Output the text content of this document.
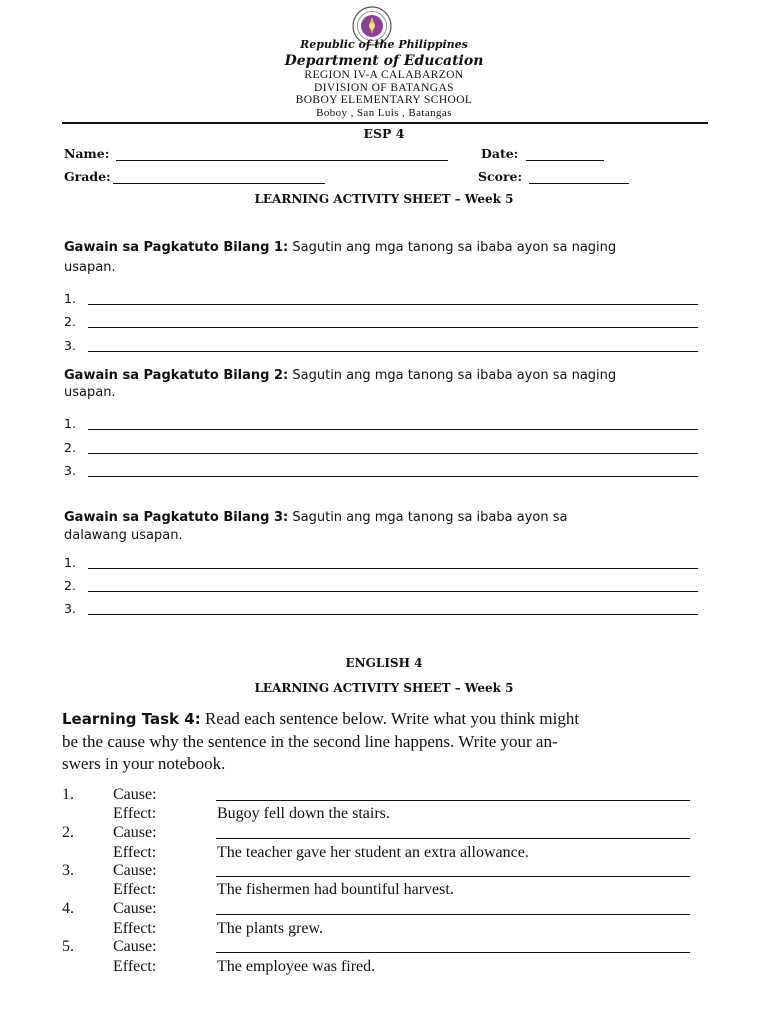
Republic of the Philippines
Department of Education
REGION IV-A CALABARZON
DIVISION OF BATANGAS
BOBOY ELEMENTARY SCHOOL
Boboy , San Luis , Batangas
ESP 4
Name:	Date:
Grade:	Score:
LEARNING ACTIVITY SHEET – Week 5
Gawain sa Pagkatuto Bilang 1: Sagutin ang mga tanong sa ibaba ayon sa naging
usapan.
1.
2.
3.
Gawain sa Pagkatuto Bilang 2: Sagutin ang mga tanong sa ibaba ayon sa naging
usapan.
1.
2.
3.
Gawain sa Pagkatuto Bilang 3: Sagutin ang mga tanong sa ibaba ayon sa
dalawang usapan.
1.
2.
3.
ENGLISH 4
LEARNING ACTIVITY SHEET – Week 5
Learning Task 4: Read each sentence below. Write what you think might
be the cause why the sentence in the second line happens. Write your an-
swers in your notebook.
1. Cause:
Effect:	Bugoy fell down the stairs.
2. Cause:
Effect:	The teacher gave her student an extra allowance.
3. Cause:
Effect:	The fishermen had bountiful harvest.
4. Cause:
Effect:	The plants grew.
5. Cause:
Effect:	The employee was fired.
